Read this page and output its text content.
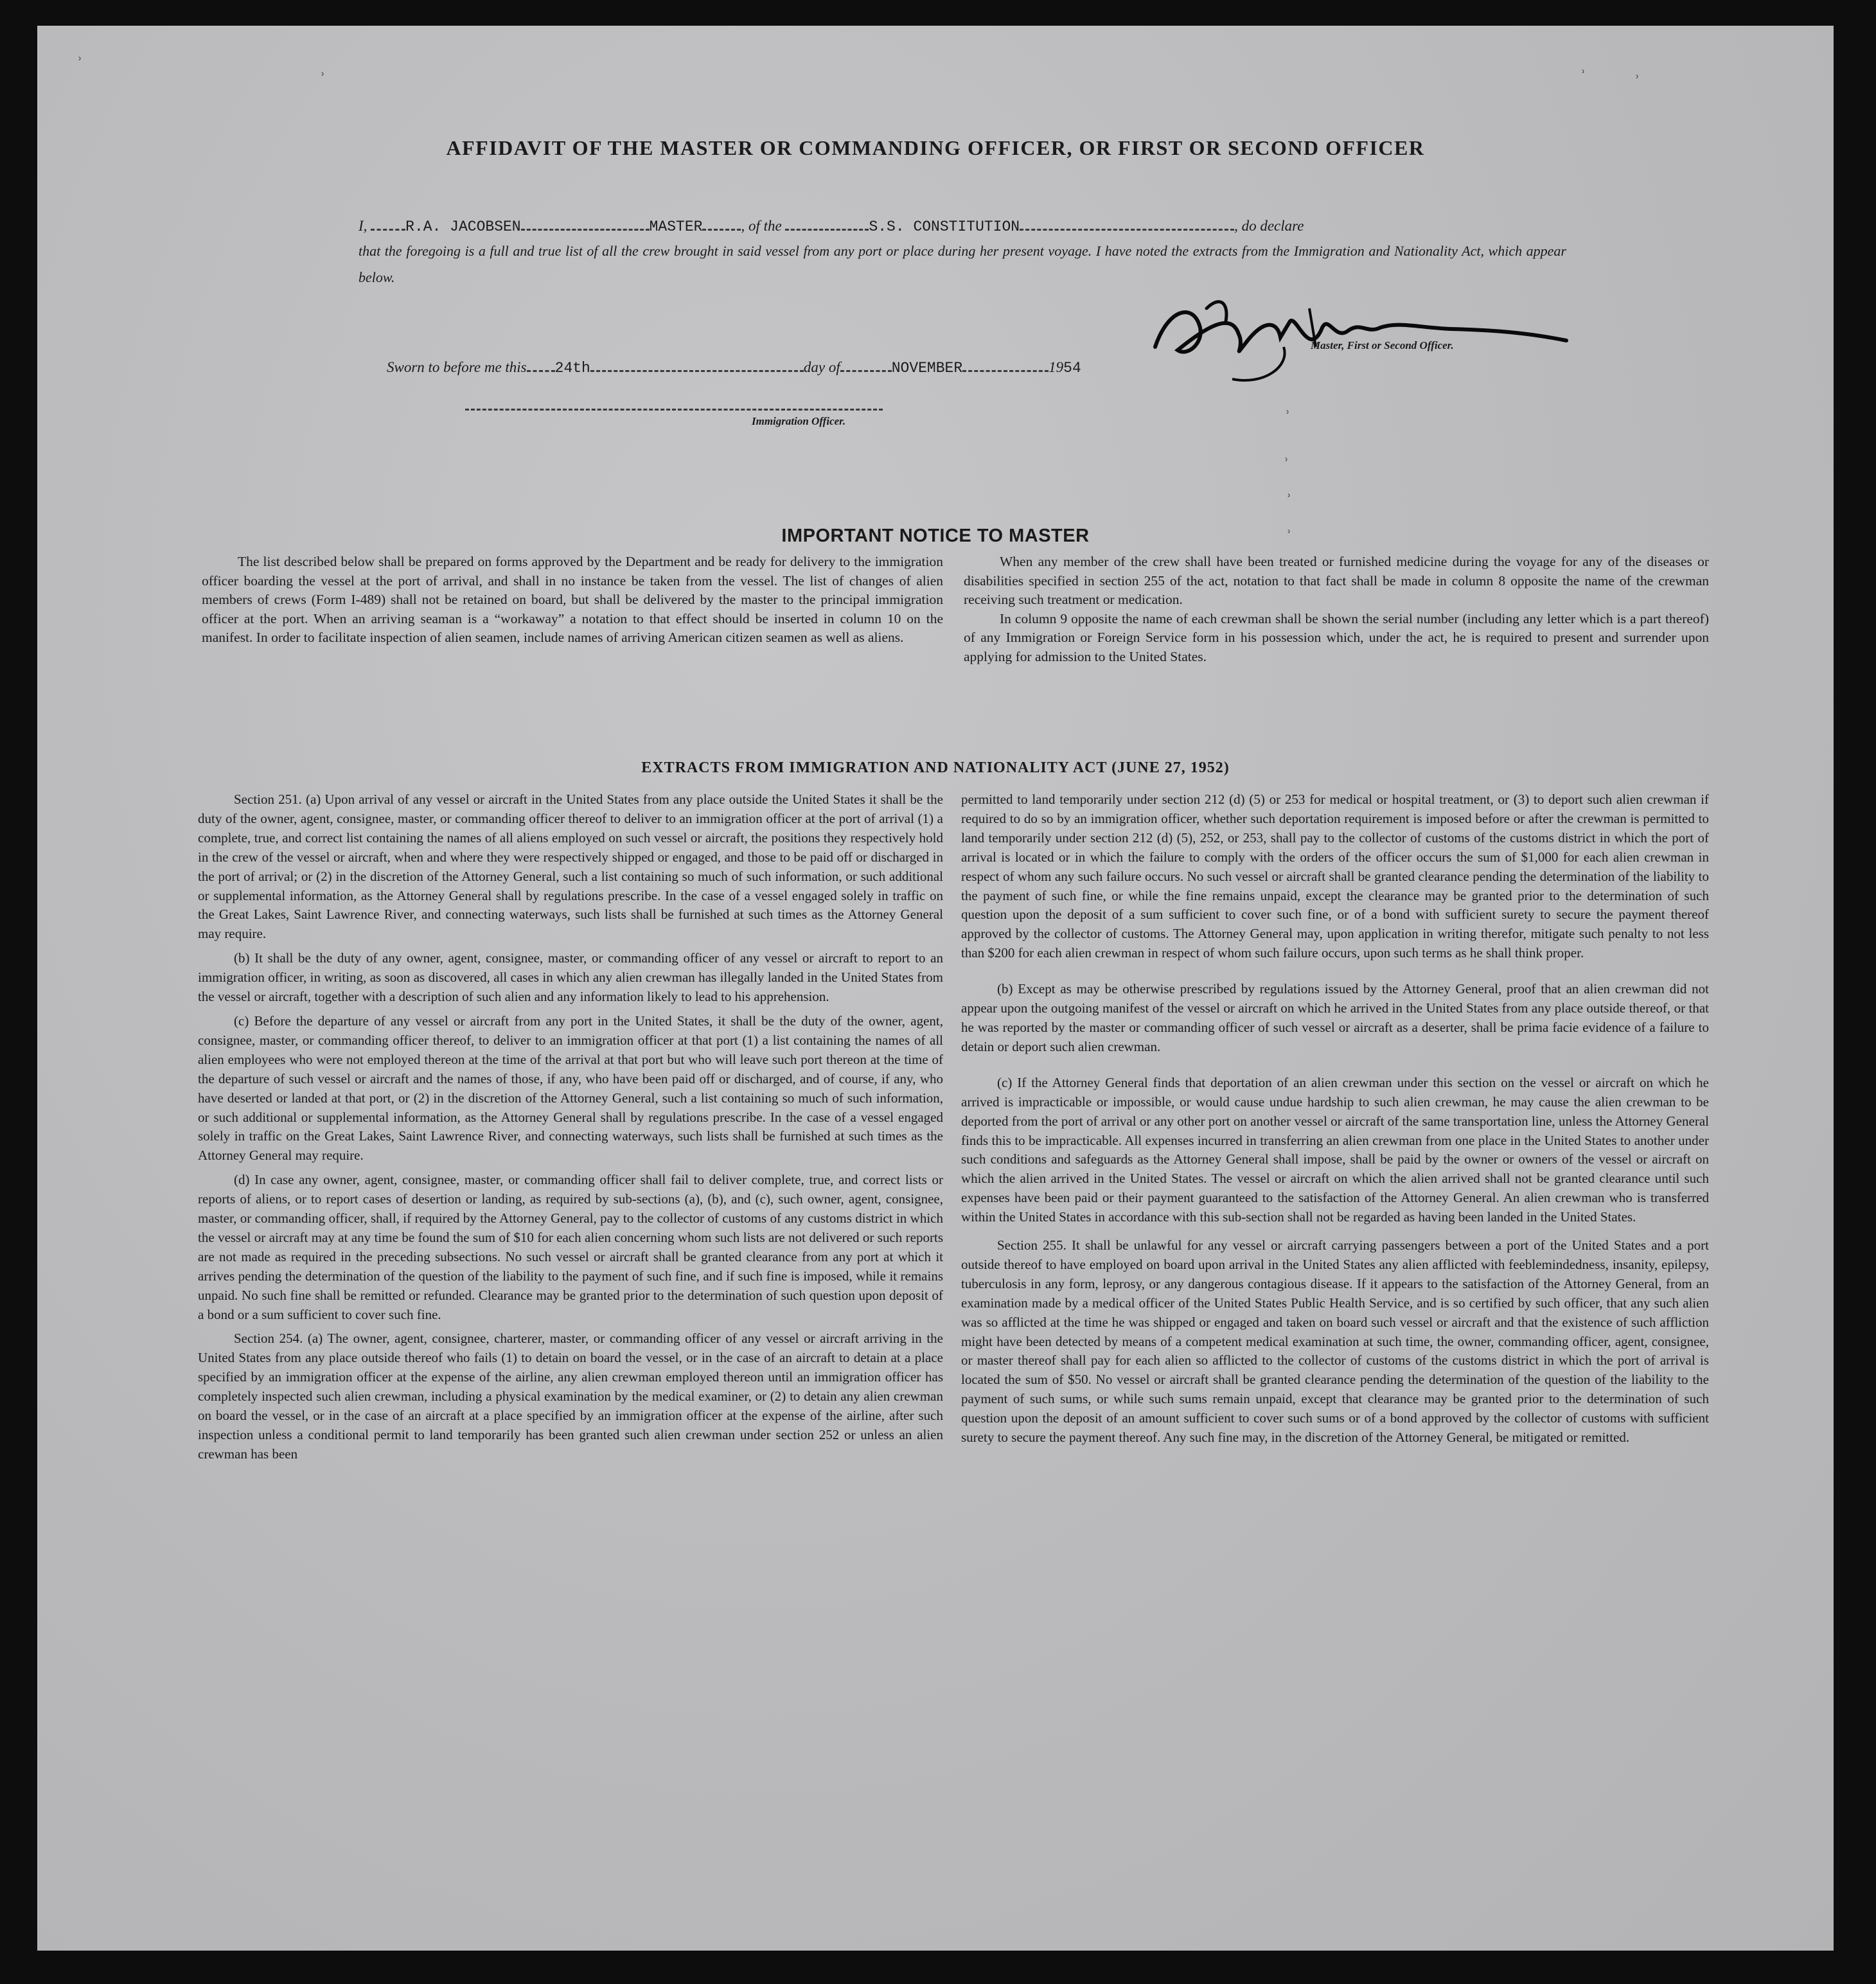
⸒
⸒	⸒	⸒
⸒
⸒
⸒
⸒
AFFIDAVIT OF THE MASTER OR COMMANDING OFFICER, OR FIRST OR SECOND OFFICER
I,	R.A. JACOBSEN	MASTER	, of the	S.S. CONSTITUTION	, do declare
that the foregoing is a full and true list of all the crew brought in said vessel from any port or place during her present voyage. I have noted the extracts from the Immigration and Nationality Act, which appear below.
Master, First or Second Officer.
Sworn to before me this 24th	day of	NOVEMBER	1954
Immigration Officer.
IMPORTANT NOTICE TO MASTER

The list described below shall be prepared on forms approved by the Department and be ready for delivery to the immigration officer boarding the vessel at the port of arrival, and shall in no instance be taken from the vessel. The list of changes of alien members of crews (Form I-489) shall not be retained on board, but shall be delivered by the master to the principal immigration officer at the port. When an arriving seaman is a “workaway” a notation to that effect should be inserted in column 10 on the manifest. In order to facilitate inspection of alien seamen, include names of arriving American citizen seamen as well as aliens.

When any member of the crew shall have been treated or furnished medicine during the voyage for any of the diseases or disabilities specified in section 255 of the act, notation to that fact shall be made in column 8 opposite the name of the crewman receiving such treatment or medication.

In column 9 opposite the name of each crewman shall be shown the serial number (including any letter which is a part thereof) of any Immigration or Foreign Service form in his possession which, under the act, he is required to present and surrender upon applying for admission to the United States.

EXTRACTS FROM IMMIGRATION AND NATIONALITY ACT (JUNE 27, 1952)

Section 251. (a) Upon arrival of any vessel or aircraft in the United States from any place outside the United States it shall be the duty of the owner, agent, consignee, master, or commanding officer thereof to deliver to an immigration officer at the port of arrival (1) a complete, true, and correct list containing the names of all aliens employed on such vessel or aircraft, the positions they respectively hold in the crew of the vessel or aircraft, when and where they were respectively shipped or engaged, and those to be paid off or discharged in the port of arrival; or (2) in the discretion of the Attorney General, such a list containing so much of such information, or such additional or supplemental information, as the Attorney General shall by regulations prescribe. In the case of a vessel engaged solely in traffic on the Great Lakes, Saint Lawrence River, and connecting waterways, such lists shall be furnished at such times as the Attorney General may require.

(b) It shall be the duty of any owner, agent, consignee, master, or commanding officer of any vessel or aircraft to report to an immigration officer, in writing, as soon as discovered, all cases in which any alien crewman has illegally landed in the United States from the vessel or aircraft, together with a description of such alien and any information likely to lead to his apprehension.

(c) Before the departure of any vessel or aircraft from any port in the United States, it shall be the duty of the owner, agent, consignee, master, or commanding officer thereof, to deliver to an immigration officer at that port (1) a list containing the names of all alien employees who were not employed thereon at the time of the arrival at that port but who will leave such port thereon at the time of the departure of such vessel or aircraft and the names of those, if any, who have been paid off or discharged, and of course, if any, who have deserted or landed at that port, or (2) in the discretion of the Attorney General, such a list containing so much of such information, or such additional or supplemental information, as the Attorney General shall by regulations prescribe. In the case of a vessel engaged solely in traffic on the Great Lakes, Saint Lawrence River, and connecting waterways, such lists shall be furnished at such times as the Attorney General may require.

(d) In case any owner, agent, consignee, master, or commanding officer shall fail to deliver complete, true, and correct lists or reports of aliens, or to report cases of desertion or landing, as required by sub-sections (a), (b), and (c), such owner, agent, consignee, master, or commanding officer, shall, if required by the Attorney General, pay to the collector of customs of any customs district in which the vessel or aircraft may at any time be found the sum of $10 for each alien concerning whom such lists are not delivered or such reports are not made as required in the preceding subsections. No such vessel or aircraft shall be granted clearance from any port at which it arrives pending the determination of the question of the liability to the payment of such fine, and if such fine is imposed, while it remains unpaid. No such fine shall be remitted or refunded. Clearance may be granted prior to the determination of such question upon deposit of a bond or a sum sufficient to cover such fine.

Section 254. (a) The owner, agent, consignee, charterer, master, or commanding officer of any vessel or aircraft arriving in the United States from any place outside thereof who fails (1) to detain on board the vessel, or in the case of an aircraft to detain at a place specified by an immigration officer at the expense of the airline, any alien crewman employed thereon until an immigration officer has completely inspected such alien crewman, including a physical examination by the medical examiner, or (2) to detain any alien crewman on board the vessel, or in the case of an aircraft at a place specified by an immigration officer at the expense of the airline, after such inspection unless a conditional permit to land temporarily has been granted such alien crewman under section 252 or unless an alien crewman has been

permitted to land temporarily under section 212 (d) (5) or 253 for medical or hospital treatment, or (3) to deport such alien crewman if required to do so by an immigration officer, whether such deportation requirement is imposed before or after the crewman is permitted to land temporarily under section 212 (d) (5), 252, or 253, shall pay to the collector of customs of the customs district in which the port of arrival is located or in which the failure to comply with the orders of the officer occurs the sum of $1,000 for each alien crewman in respect of whom any such failure occurs. No such vessel or aircraft shall be granted clearance pending the determination of the liability to the payment of such fine, or while the fine remains unpaid, except the clearance may be granted prior to the determination of such question upon the deposit of a sum sufficient to cover such fine, or of a bond with sufficient surety to secure the payment thereof approved by the collector of customs. The Attorney General may, upon application in writing therefor, mitigate such penalty to not less than $200 for each alien crewman in respect of whom such failure occurs, upon such terms as he shall think proper.

(b) Except as may be otherwise prescribed by regulations issued by the Attorney General, proof that an alien crewman did not appear upon the outgoing manifest of the vessel or aircraft on which he arrived in the United States from any place outside thereof, or that he was reported by the master or commanding officer of such vessel or aircraft as a deserter, shall be prima facie evidence of a failure to detain or deport such alien crewman.

(c) If the Attorney General finds that deportation of an alien crewman under this section on the vessel or aircraft on which he arrived is impracticable or impossible, or would cause undue hardship to such alien crewman, he may cause the alien crewman to be deported from the port of arrival or any other port on another vessel or aircraft of the same transportation line, unless the Attorney General finds this to be impracticable. All expenses incurred in transferring an alien crewman from one place in the United States to another under such conditions and safeguards as the Attorney General shall impose, shall be paid by the owner or owners of the vessel or aircraft on which the alien arrived in the United States. The vessel or aircraft on which the alien arrived shall not be granted clearance until such expenses have been paid or their payment guaranteed to the satisfaction of the Attorney General. An alien crewman who is transferred within the United States in accordance with this sub-section shall not be regarded as having been landed in the United States.

Section 255. It shall be unlawful for any vessel or aircraft carrying passengers between a port of the United States and a port outside thereof to have employed on board upon arrival in the United States any alien afflicted with feeblemindedness, insanity, epilepsy, tuberculosis in any form, leprosy, or any dangerous contagious disease. If it appears to the satisfaction of the Attorney General, from an examination made by a medical officer of the United States Public Health Service, and is so certified by such officer, that any such alien was so afflicted at the time he was shipped or engaged and taken on board such vessel or aircraft and that the existence of such affliction might have been detected by means of a competent medical examination at such time, the owner, commanding officer, agent, consignee, or master thereof shall pay for each alien so afflicted to the collector of customs of the customs district in which the port of arrival is located the sum of $50. No vessel or aircraft shall be granted clearance pending the determination of the question of the liability to the payment of such sums, or while such sums remain unpaid, except that clearance may be granted prior to the determination of such question upon the deposit of an amount sufficient to cover such sums or of a bond approved by the collector of customs with sufficient surety to secure the payment thereof. Any such fine may, in the discretion of the Attorney General, be mitigated or remitted.
